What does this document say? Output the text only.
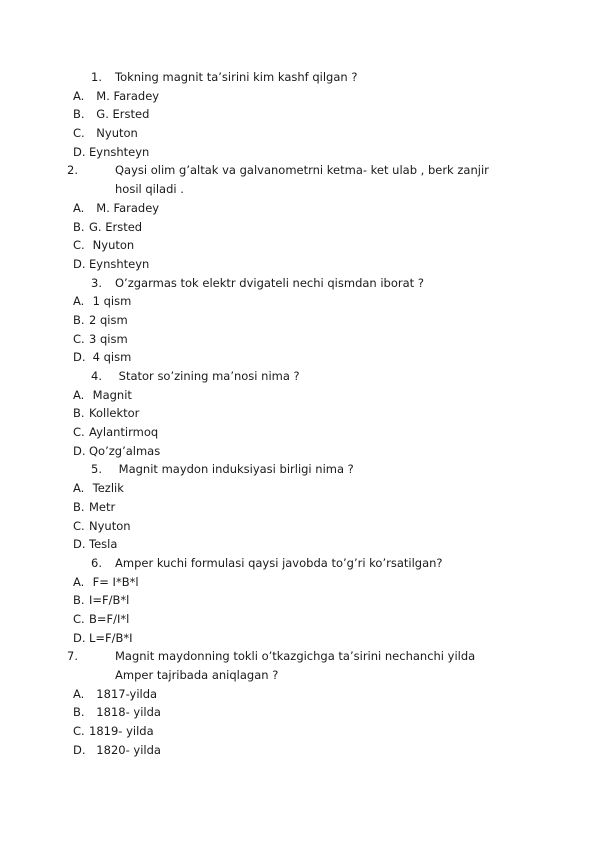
1. Tokning magnit ta’sirini kim kashf qilgan ?
A.  M. Faradey
B.  G. Ersted
C.  Nyuton
D. Eynshteyn
2.	Qaysi olim g’altak va galvanometrni ketma- ket ulab , berk zanjir hosil qiladi .
A.  M. Faradey
B. G. Ersted
C. Nyuton
D. Eynshteyn
3. O’zgarmas tok elektr dvigateli nechi qismdan iborat ?
A. 1 qism
B. 2 qism
C. 3 qism
D. 4 qism
4. Stator so’zining ma’nosi nima ?
A. Magnit
B. Kollektor
C. Aylantirmoq
D. Qo’zg’almas
5. Magnit maydon induksiyasi birligi nima ?
A. Tezlik
B. Metr
C. Nyuton
D. Tesla
6. Amper kuchi formulasi qaysi javobda to’g’ri ko’rsatilgan?
A. F= I*B*l
B. I=F/B*l
C. B=F/I*l
D. L=F/B*I
7.	Magnit maydonning tokli o’tkazgichga ta’sirini nechanchi yilda Amper tajribada aniqlagan ?
A.  1817-yilda
B.  1818- yilda
C. 1819- yilda
D.  1820- yilda
